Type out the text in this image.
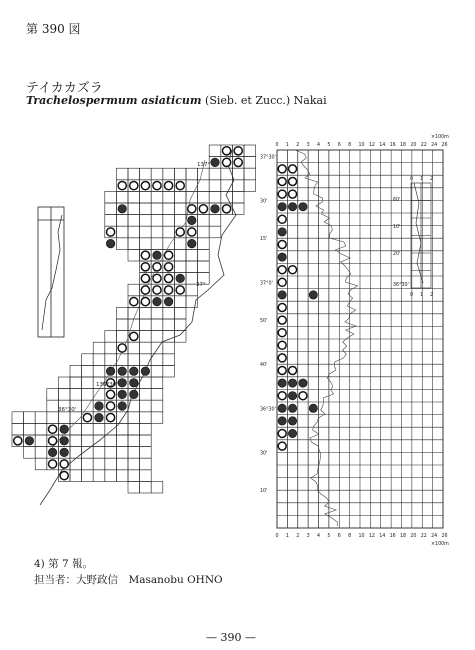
第 390 図
テイカカズラ
Trachelospermum asiaticum (Sieb. et Zucc.) Nakai
137°
136°30'
37°
36°30'
0
0
1
1
2
2
3
3
4
4
5
5
6
6
8
8
10
10
12
12
14
14
16
16
18
18
20
20
22
22
24
24
26
26
×100m
×100m
37°30'
30'
15'
37°0'
50'
40'
36°30'
30'
10'
0 1 2
0 1 2
60'
10'
20'
36°30'
4) 第 7 報。
担当者：大野政信　Masanobu OHNO
— 390 —
